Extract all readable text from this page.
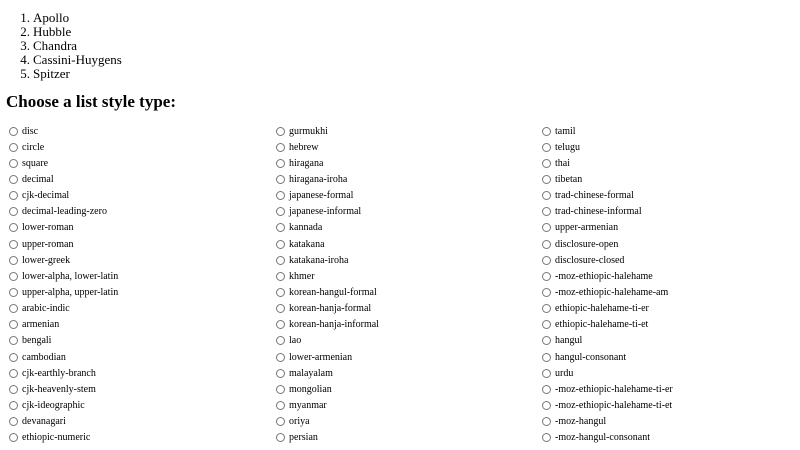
1. Apollo
2. Hubble
3. Chandra
4. Cassini-Huygens
5. Spitzer
Choose a list style type:
disc
circle
square
decimal
cjk-decimal
decimal-leading-zero
lower-roman
upper-roman
lower-greek
lower-alpha, lower-latin
upper-alpha, upper-latin
arabic-indic
armenian
bengali
cambodian
cjk-earthly-branch
cjk-heavenly-stem
cjk-ideographic
devanagari
ethiopic-numeric
gurmukhi
hebrew
hiragana
hiragana-iroha
japanese-formal
japanese-informal
kannada
katakana
katakana-iroha
khmer
korean-hangul-formal
korean-hanja-formal
korean-hanja-informal
lao
lower-armenian
malayalam
mongolian
myanmar
oriya
persian
tamil
telugu
thai
tibetan
trad-chinese-formal
trad-chinese-informal
upper-armenian
disclosure-open
disclosure-closed
-moz-ethiopic-halehame
-moz-ethiopic-halehame-am
ethiopic-halehame-ti-er
ethiopic-halehame-ti-et
hangul
hangul-consonant
urdu
-moz-ethiopic-halehame-ti-er
-moz-ethiopic-halehame-ti-et
-moz-hangul
-moz-hangul-consonant
